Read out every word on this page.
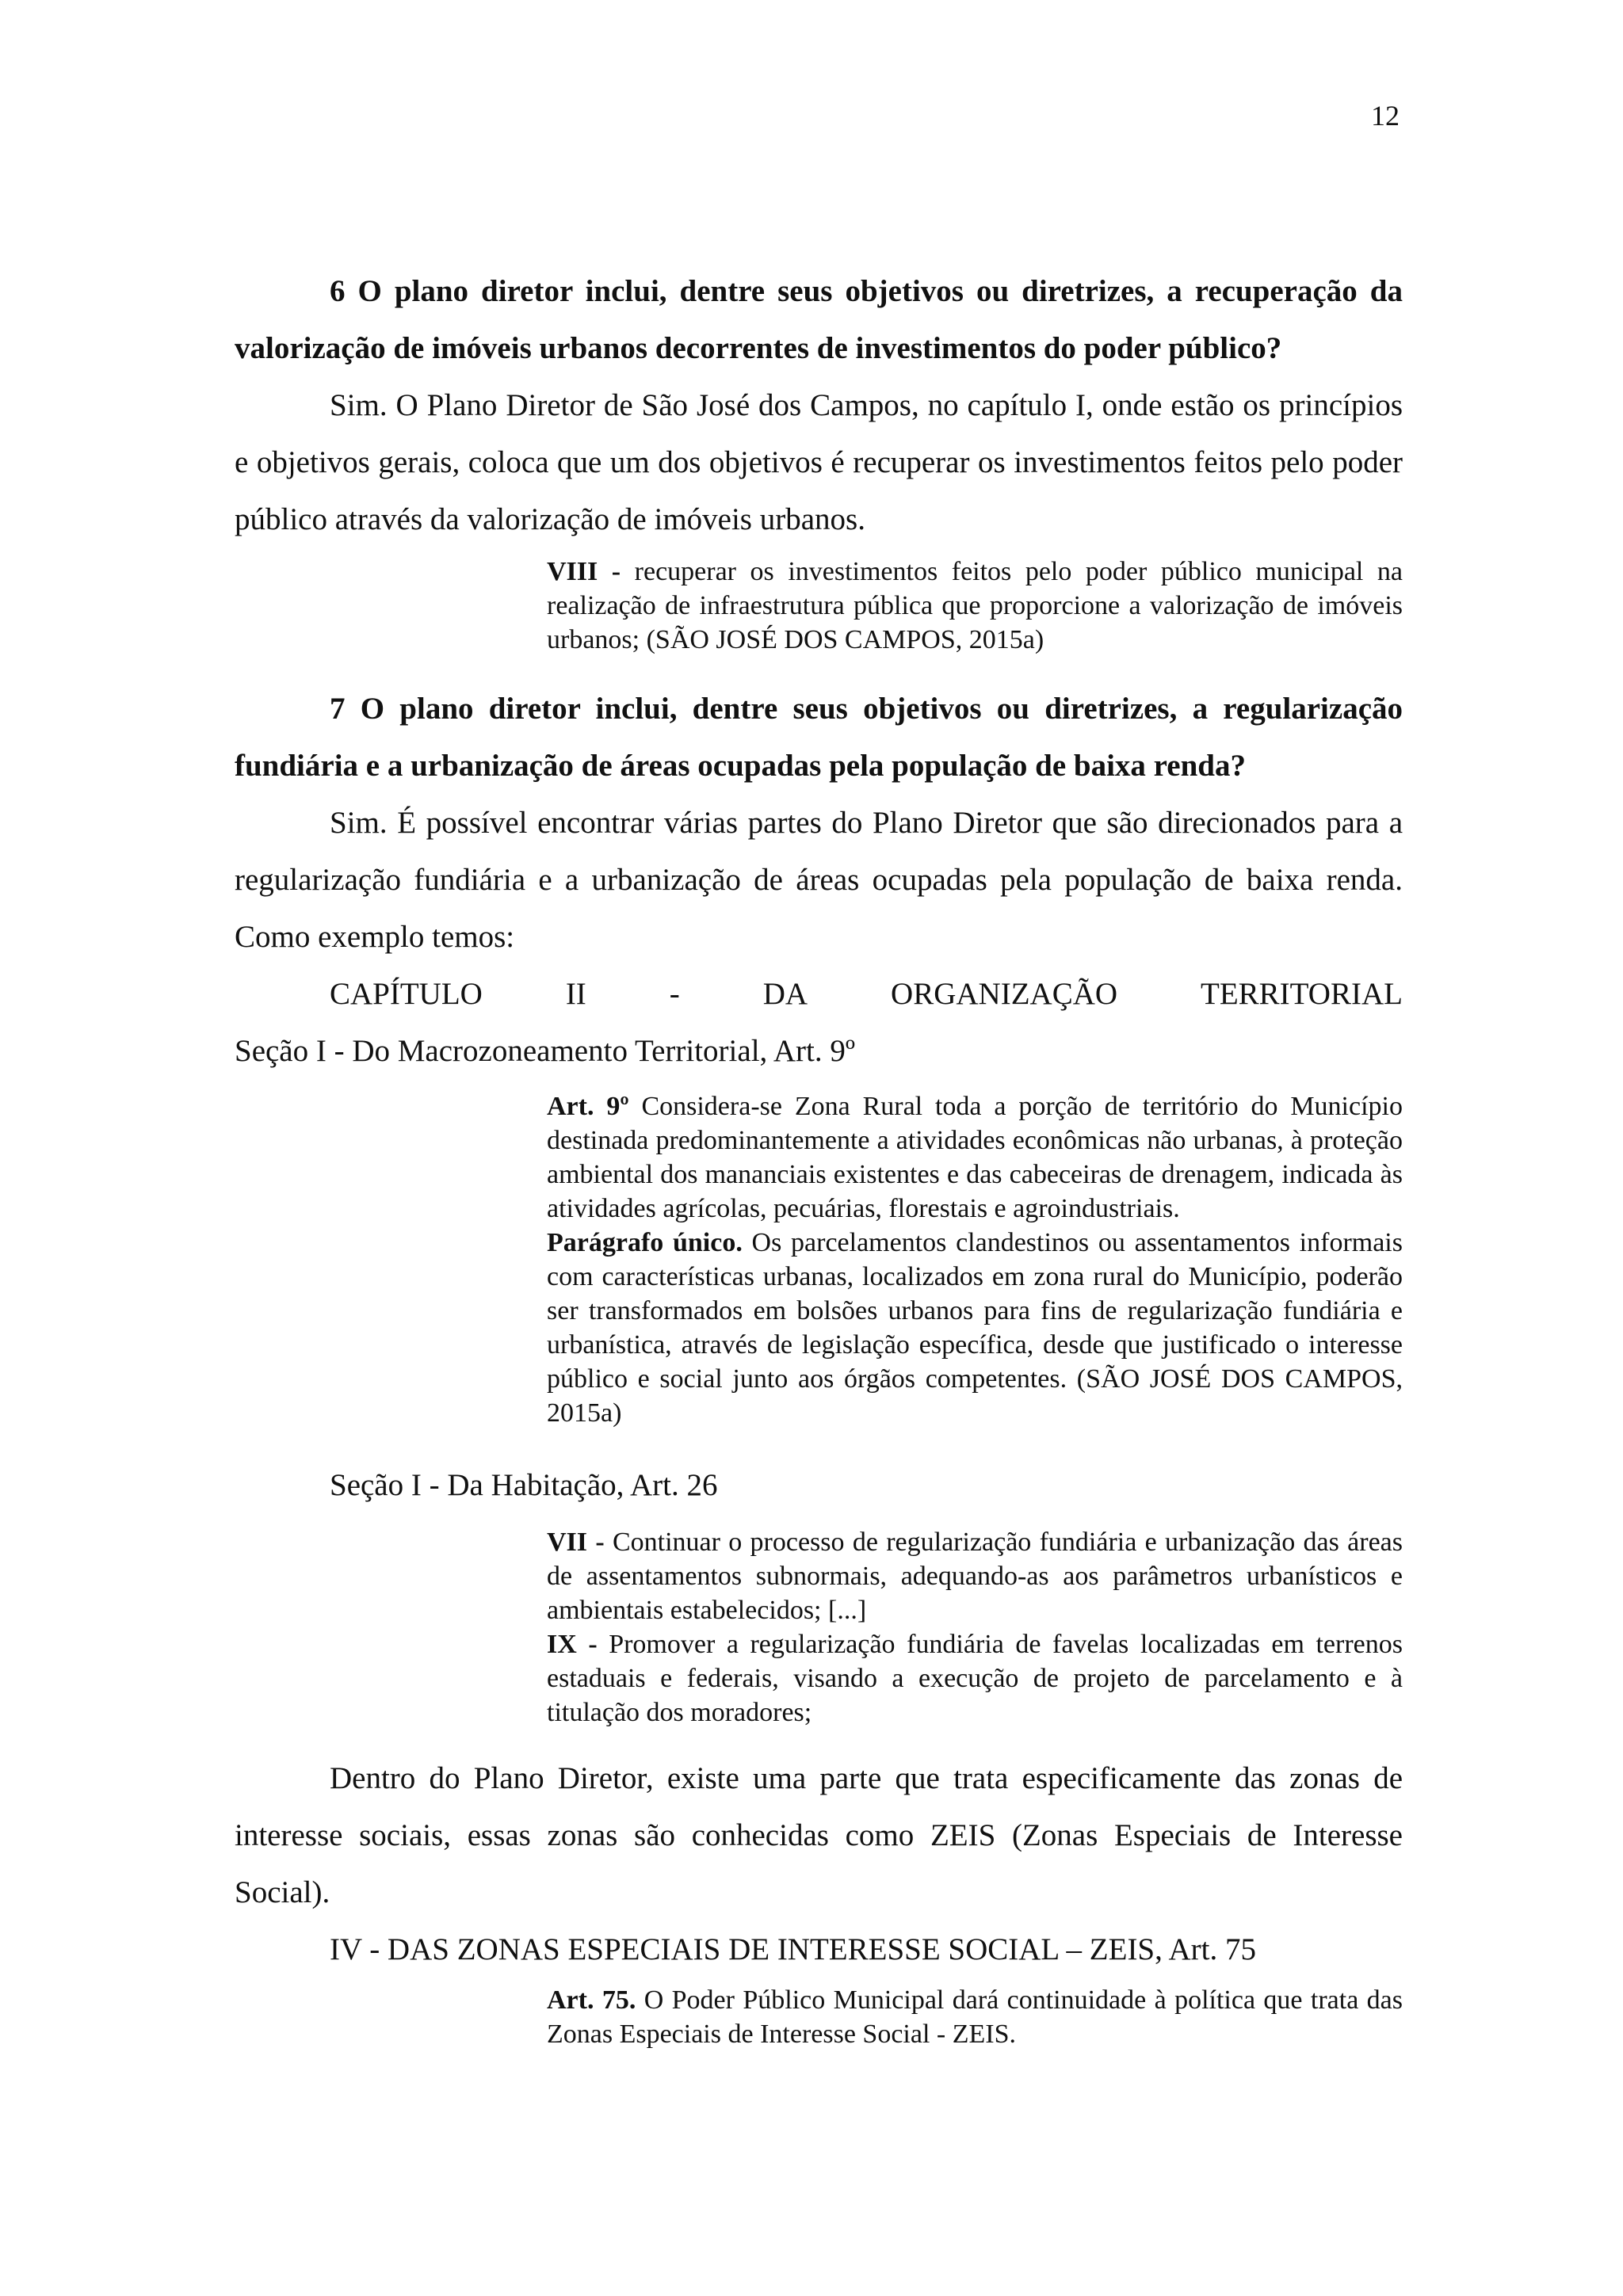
12

6 O plano diretor inclui, dentre seus objetivos ou diretrizes, a recuperação da valorização de imóveis urbanos decorrentes de investimentos do poder público?

Sim. O Plano Diretor de São José dos Campos, no capítulo I, onde estão os princípios e objetivos gerais, coloca que um dos objetivos é recuperar os investimentos feitos pelo poder público através da valorização de imóveis urbanos.

VIII - recuperar os investimentos feitos pelo poder público municipal na realização de infraestrutura pública que proporcione a valorização de imóveis urbanos; (SÃO JOSÉ DOS CAMPOS, 2015a)

7 O plano diretor inclui, dentre seus objetivos ou diretrizes, a regularização fundiária e a urbanização de áreas ocupadas pela população de baixa renda?

Sim. É possível encontrar várias partes do Plano Diretor que são direcionados para a regularização fundiária e a urbanização de áreas ocupadas pela população de baixa renda. Como exemplo temos:

CAPÍTULO	II	-	DA	ORGANIZAÇÃO	TERRITORIAL

Seção I - Do Macrozoneamento Territorial, Art. 9º

Art. 9º Considera-se Zona Rural toda a porção de território do Município destinada predominantemente a atividades econômicas não urbanas, à proteção ambiental dos mananciais existentes e das cabeceiras de drenagem, indicada às atividades agrícolas, pecuárias, florestais e agroindustriais.

Parágrafo único. Os parcelamentos clandestinos ou assentamentos informais com características urbanas, localizados em zona rural do Município, poderão ser transformados em bolsões urbanos para fins de regularização fundiária e urbanística, através de legislação específica, desde que justificado o interesse público e social junto aos órgãos competentes. (SÃO JOSÉ DOS CAMPOS, 2015a)

Seção I - Da Habitação, Art. 26

VII - Continuar o processo de regularização fundiária e urbanização das áreas de assentamentos subnormais, adequando-as aos parâmetros urbanísticos e ambientais estabelecidos; [...]

IX - Promover a regularização fundiária de favelas localizadas em terrenos estaduais e federais, visando a execução de projeto de parcelamento e à titulação dos moradores;

Dentro do Plano Diretor, existe uma parte que trata especificamente das zonas de interesse sociais, essas zonas são conhecidas como ZEIS (Zonas Especiais de Interesse Social).

IV - DAS ZONAS ESPECIAIS DE INTERESSE SOCIAL – ZEIS, Art. 75

Art. 75. O Poder Público Municipal dará continuidade à política que trata das Zonas Especiais de Interesse Social - ZEIS.
